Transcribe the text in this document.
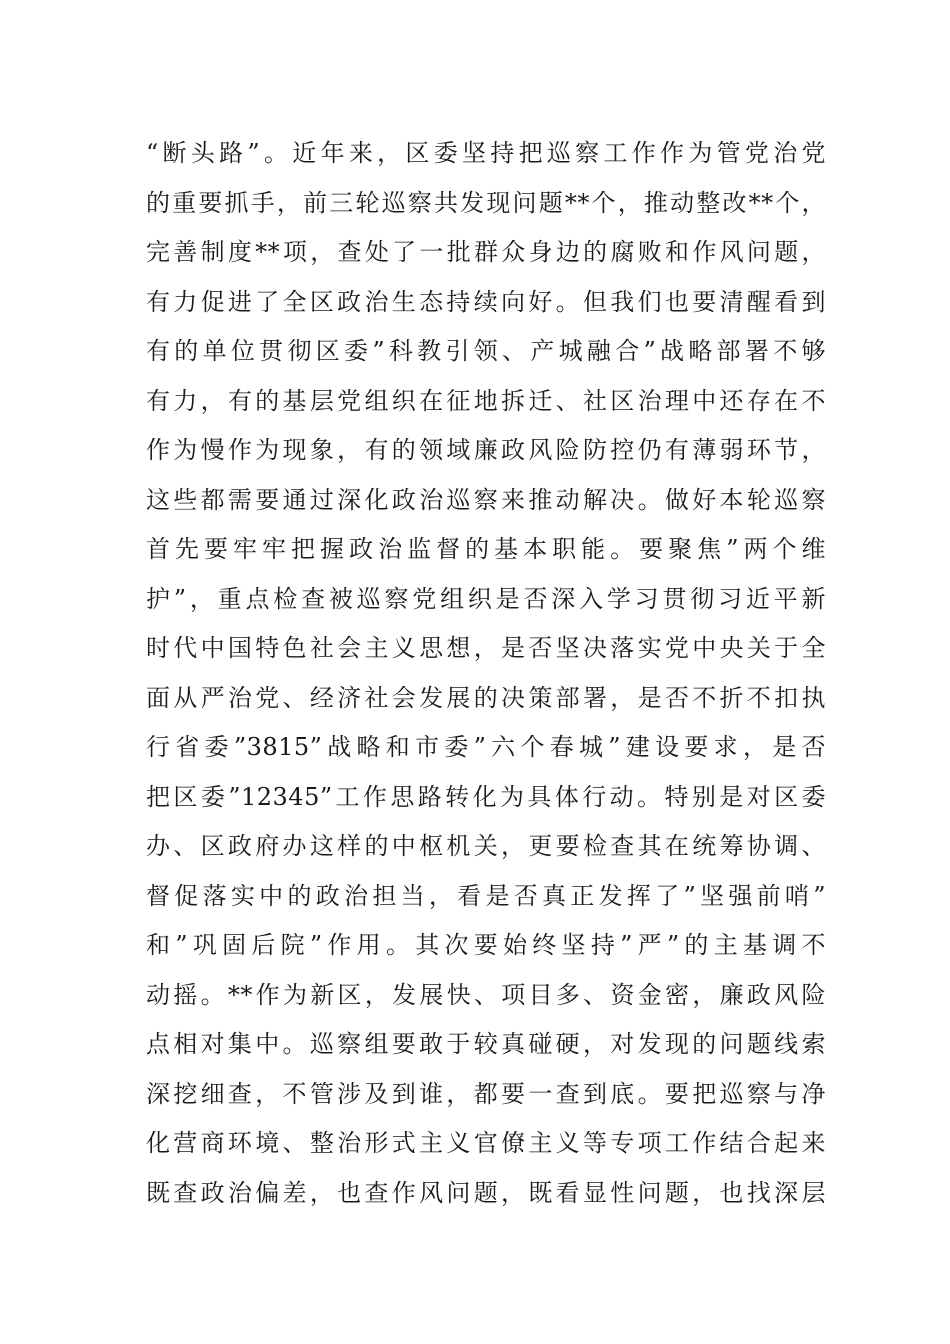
“断头路”。近年来，区委坚持把巡察工作作为管党治党
的重要抓手，前三轮巡察共发现问题**个，推动整改**个，
完善制度**项，查处了一批群众身边的腐败和作风问题，
有力促进了全区政治生态持续向好。但我们也要清醒看到
有的单位贯彻区委”科教引领、产城融合”战略部署不够
有力，有的基层党组织在征地拆迁、社区治理中还存在不
作为慢作为现象，有的领域廉政风险防控仍有薄弱环节，
这些都需要通过深化政治巡察来推动解决。做好本轮巡察
首先要牢牢把握政治监督的基本职能。要聚焦”两个维
护”，重点检查被巡察党组织是否深入学习贯彻习近平新
时代中国特色社会主义思想，是否坚决落实党中央关于全
面从严治党、经济社会发展的决策部署，是否不折不扣执
行省委”3815”战略和市委”六个春城”建设要求，是否
把区委”12345”工作思路转化为具体行动。特别是对区委
办、区政府办这样的中枢机关，更要检查其在统筹协调、
督促落实中的政治担当，看是否真正发挥了”坚强前哨”
和”巩固后院”作用。其次要始终坚持”严”的主基调不
动摇。**作为新区，发展快、项目多、资金密，廉政风险
点相对集中。巡察组要敢于较真碰硬，对发现的问题线索
深挖细查，不管涉及到谁，都要一查到底。要把巡察与净
化营商环境、整治形式主义官僚主义等专项工作结合起来
既查政治偏差，也查作风问题，既看显性问题，也找深层
